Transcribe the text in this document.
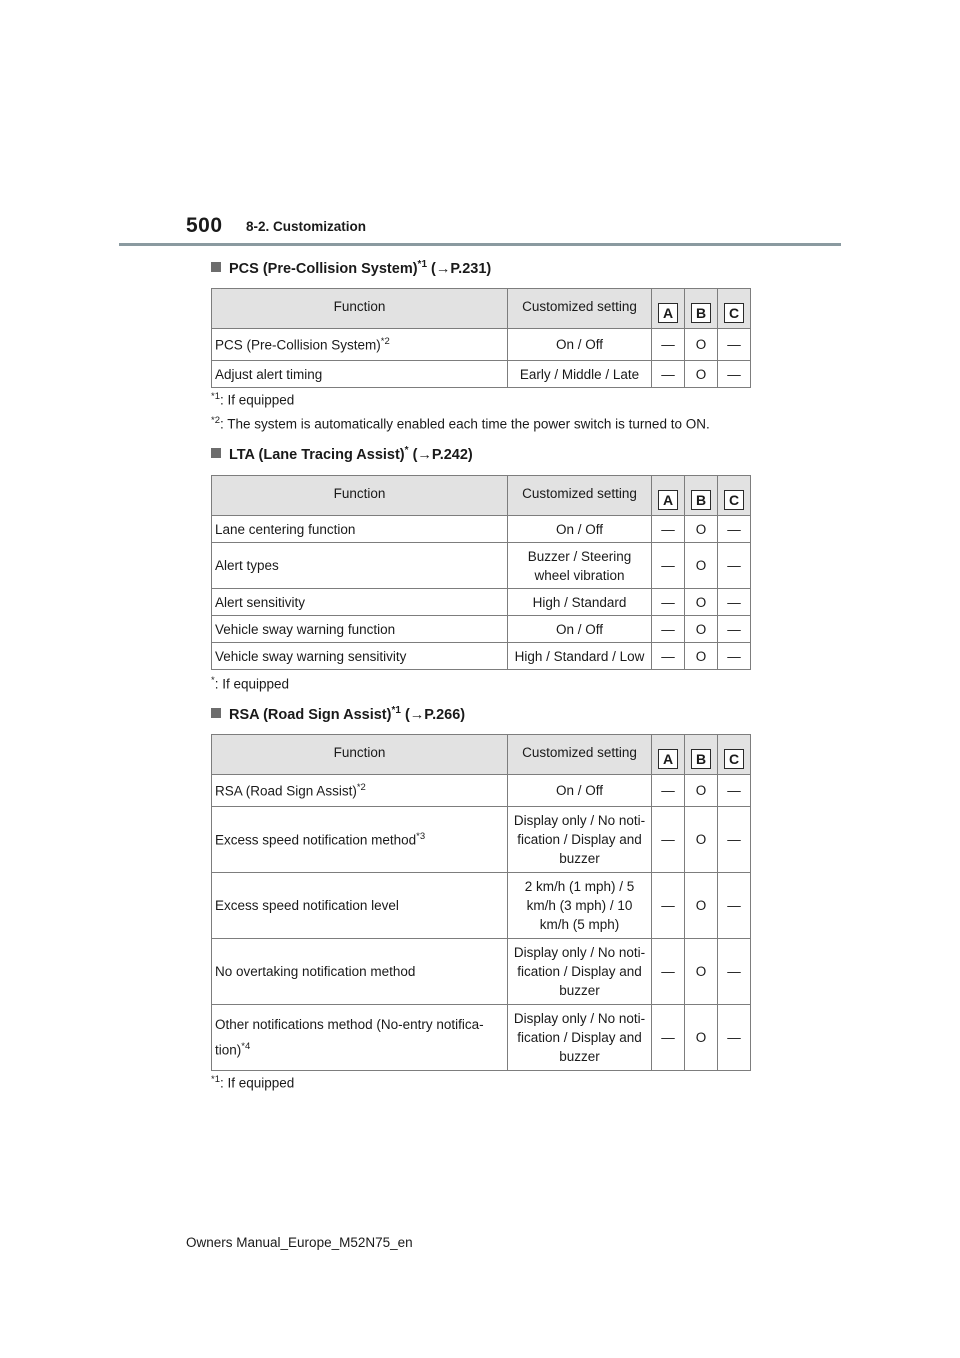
500 8-2. Customization
PCS (Pre-Collision System)$^{*1}$ (→P.231)
Function	Customized setting	A	B	C
PCS (Pre-Collision System)$^{*2}$	On / Off	—	O	—
Adjust alert timing	Early / Middle / Late	—	O	—
$^{*1}$: If equipped
$^{*2}$: The system is automatically enabled each time the power switch is turned to ON.
LTA (Lane Tracing Assist)* (→P.242)
Function	Customized setting	A	B	C
Lane centering function	On / Off	—	O	—
Alert types	Buzzer / Steering wheel vibration	—	O	—
Alert sensitivity	High / Standard	—	O	—
Vehicle sway warning function	On / Off	—	O	—
Vehicle sway warning sensitivity	High / Standard / Low	—	O	—
*: If equipped
RSA (Road Sign Assist)$^{*1}$ (→P.266)
Function	Customized setting	A	B	C
RSA (Road Sign Assist)$^{*2}$	On / Off	—	O	—
Excess speed notification method$^{*3}$	Display only / No noti-fication / Display and buzzer	—	O	—
Excess speed notification level	2 km/h (1 mph) / 5 km/h (3 mph) / 10 km/h (5 mph)	—	O	—
No overtaking notification method	Display only / No noti-fication / Display and buzzer	—	O	—
Other notifications method (No-entry notifica-tion)$^{*4}$	Display only / No noti-fication / Display and buzzer	—	O	—
$^{*1}$: If equipped
Owners Manual_Europe_M52N75_en
